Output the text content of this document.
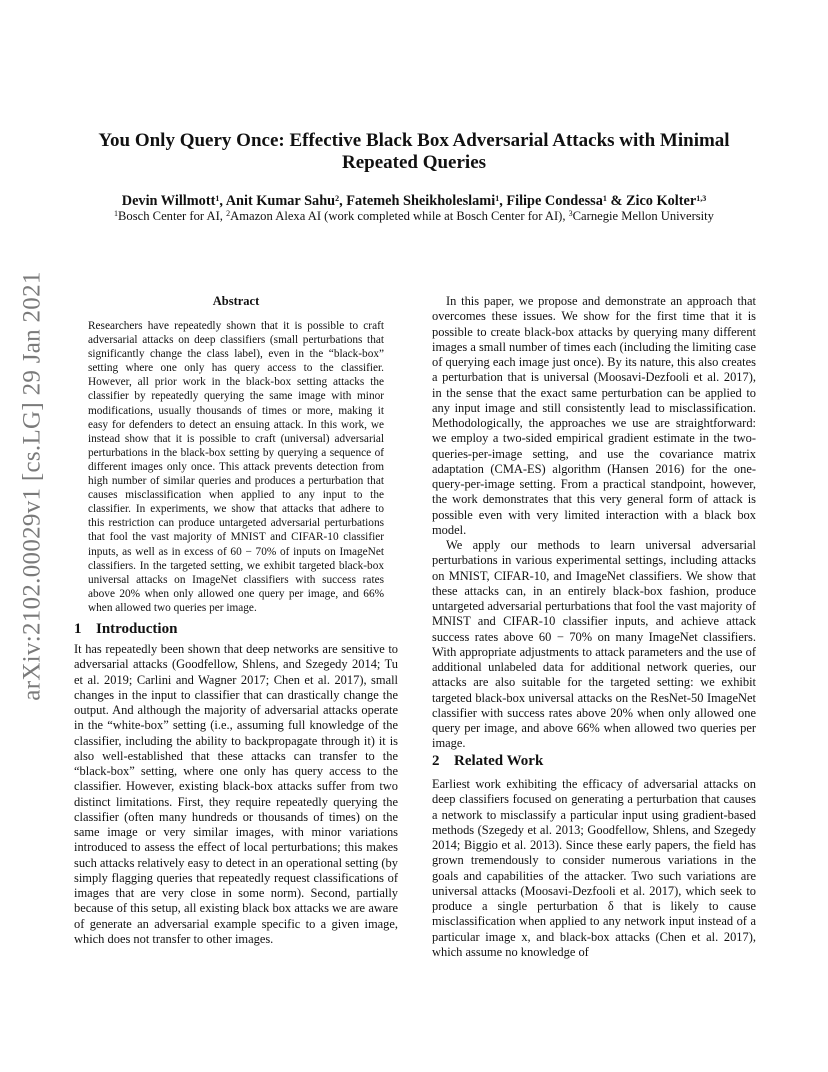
arXiv:2102.00029v1 [cs.LG] 29 Jan 2021
You Only Query Once: Effective Black Box Adversarial Attacks with Minimal Repeated Queries
Devin Willmott$^1$, Anit Kumar Sahu$^2$, Fatemeh Sheikholeslami$^1$, Filipe Condessa$^1$ & Zico Kolter$^{1,3}$
$^1$Bosch Center for AI, $^2$Amazon Alexa AI (work completed while at Bosch Center for AI), $^3$Carnegie Mellon University
Abstract

Researchers have repeatedly shown that it is possible to craft adversarial attacks on deep classifiers (small perturbations that significantly change the class label), even in the “black-box” setting where one only has query access to the classifier. However, all prior work in the black-box setting attacks the classifier by repeatedly querying the same image with minor modifications, usually thousands of times or more, making it easy for defenders to detect an ensuing attack. In this work, we instead show that it is possible to craft (universal) adversarial perturbations in the black-box setting by querying a sequence of different images only once. This attack prevents detection from high number of similar queries and produces a perturbation that causes misclassification when applied to any input to the classifier. In experiments, we show that attacks that adhere to this restriction can produce untargeted adversarial perturbations that fool the vast majority of MNIST and CIFAR-10 classifier inputs, as well as in excess of 60 − 70% of inputs on ImageNet classifiers. In the targeted setting, we exhibit targeted black-box universal attacks on ImageNet classifiers with success rates above 20% when only allowed one query per image, and 66% when allowed two queries per image.

1 Introduction

It has repeatedly been shown that deep networks are sensitive to adversarial attacks (Goodfellow, Shlens, and Szegedy 2014; Tu et al. 2019; Carlini and Wagner 2017; Chen et al. 2017), small changes in the input to classifier that can drastically change the output. And although the majority of adversarial attacks operate in the “white-box” setting (i.e., assuming full knowledge of the classifier, including the ability to backpropagate through it) it is also well-established that these attacks can transfer to the “black-box” setting, where one only has query access to the classifier. However, existing black-box attacks suffer from two distinct limitations. First, they require repeatedly querying the classifier (often many hundreds or thousands of times) on the same image or very similar images, with minor variations introduced to assess the effect of local perturbations; this makes such attacks relatively easy to detect in an operational setting (by simply flagging queries that repeatedly request classifications of images that are very close in some norm). Second, partially because of this setup, all existing black box attacks we are aware of generate an adversarial example specific to a given image, which does not transfer to other images.

In this paper, we propose and demonstrate an approach that overcomes these issues. We show for the first time that it is possible to create black-box attacks by querying many different images a small number of times each (including the limiting case of querying each image just once). By its nature, this also creates a perturbation that is universal (Moosavi-Dezfooli et al. 2017), in the sense that the exact same perturbation can be applied to any input image and still consistently lead to misclassification. Methodologically, the approaches we use are straightforward: we employ a two-sided empirical gradient estimate in the two-queries-per-image setting, and use the covariance matrix adaptation (CMA-ES) algorithm (Hansen 2016) for the one-query-per-image setting. From a practical standpoint, however, the work demonstrates that this very general form of attack is possible even with very limited interaction with a black box model.

We apply our methods to learn universal adversarial perturbations in various experimental settings, including attacks on MNIST, CIFAR-10, and ImageNet classifiers. We show that these attacks can, in an entirely black-box fashion, produce untargeted adversarial perturbations that fool the vast majority of MNIST and CIFAR-10 classifier inputs, and achieve attack success rates above 60 − 70% on many ImageNet classifiers. With appropriate adjustments to attack parameters and the use of additional unlabeled data for additional network queries, our attacks are also suitable for the targeted setting: we exhibit targeted black-box universal attacks on the ResNet-50 ImageNet classifier with success rates above 20% when only allowed one query per image, and above 66% when allowed two queries per image.

2 Related Work

Earliest work exhibiting the efficacy of adversarial attacks on deep classifiers focused on generating a perturbation that causes a network to misclassify a particular input using gradient-based methods (Szegedy et al. 2013; Goodfellow, Shlens, and Szegedy 2014; Biggio et al. 2013). Since these early papers, the field has grown tremendously to consider numerous variations in the goals and capabilities of the attacker. Two such variations are universal attacks (Moosavi-Dezfooli et al. 2017), which seek to produce a single perturbation δ that is likely to cause misclassification when applied to any network input instead of a particular image x, and black-box attacks (Chen et al. 2017), which assume no knowledge of
